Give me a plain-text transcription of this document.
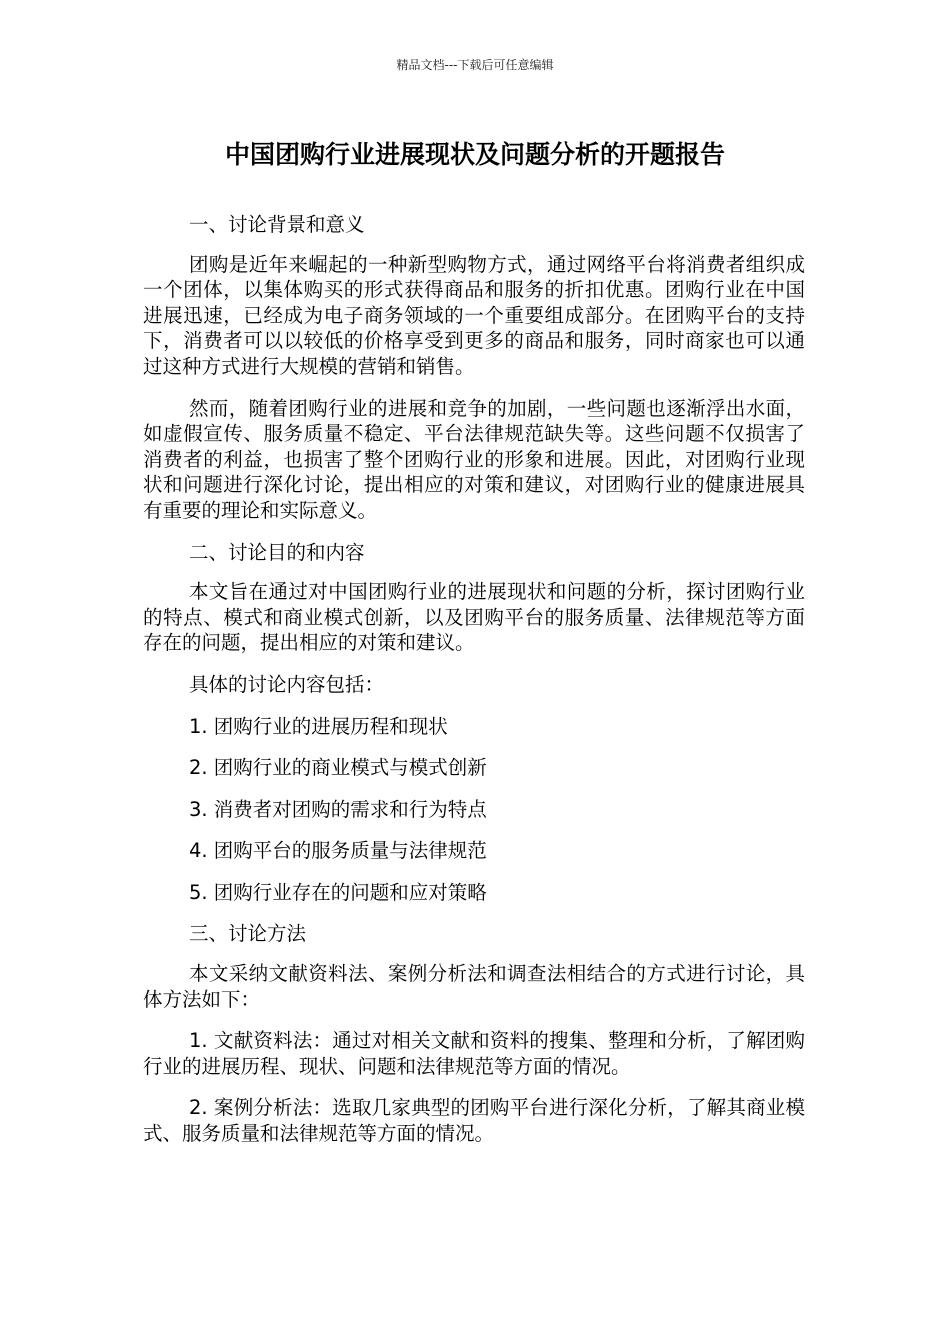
精品文档---下载后可任意编辑
中国团购行业进展现状及问题分析的开题报告

一、讨论背景和意义

团购是近年来崛起的一种新型购物方式，通过网络平台将消费者组织成一个团体，以集体购买的形式获得商品和服务的折扣优惠。团购行业在中国进展迅速，已经成为电子商务领域的一个重要组成部分。在团购平台的支持下，消费者可以以较低的价格享受到更多的商品和服务，同时商家也可以通过这种方式进行大规模的营销和销售。

然而，随着团购行业的进展和竞争的加剧，一些问题也逐渐浮出水面，如虚假宣传、服务质量不稳定、平台法律规范缺失等。这些问题不仅损害了消费者的利益，也损害了整个团购行业的形象和进展。因此，对团购行业现状和问题进行深化讨论，提出相应的对策和建议，对团购行业的健康进展具有重要的理论和实际意义。

二、讨论目的和内容

本文旨在通过对中国团购行业的进展现状和问题的分析，探讨团购行业的特点、模式和商业模式创新，以及团购平台的服务质量、法律规范等方面存在的问题，提出相应的对策和建议。

具体的讨论内容包括：

1. 团购行业的进展历程和现状

2. 团购行业的商业模式与模式创新

3. 消费者对团购的需求和行为特点

4. 团购平台的服务质量与法律规范

5. 团购行业存在的问题和应对策略

三、讨论方法

本文采纳文献资料法、案例分析法和调查法相结合的方式进行讨论，具体方法如下：

1. 文献资料法：通过对相关文献和资料的搜集、整理和分析，了解团购行业的进展历程、现状、问题和法律规范等方面的情况。

2. 案例分析法：选取几家典型的团购平台进行深化分析，了解其商业模式、服务质量和法律规范等方面的情况。
